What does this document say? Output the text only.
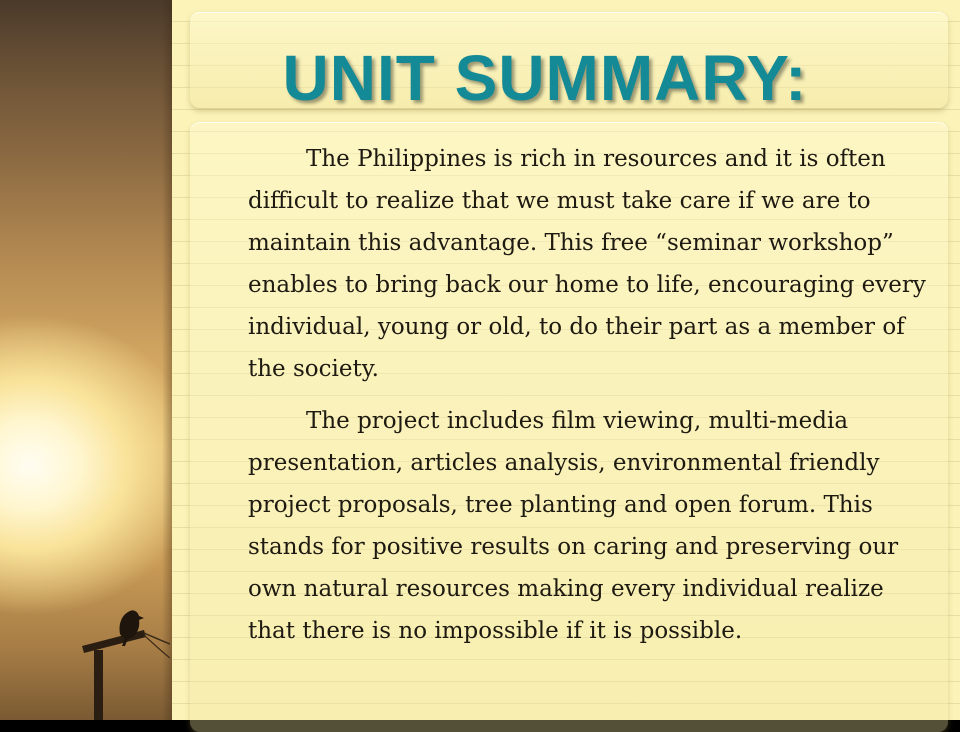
UNIT SUMMARY:

The Philippines is rich in resources and it is often difficult to realize that we must take care if we are to maintain this advantage. This free “seminar workshop” enables to bring back our home to life, encouraging every individual, young or old, to do their part as a member of the society.

The project includes film viewing, multi-media presentation, articles analysis, environmental friendly project proposals, tree planting and open forum. This stands for positive results on caring and preserving our own natural resources making every individual realize that there is no impossible if it is possible.
